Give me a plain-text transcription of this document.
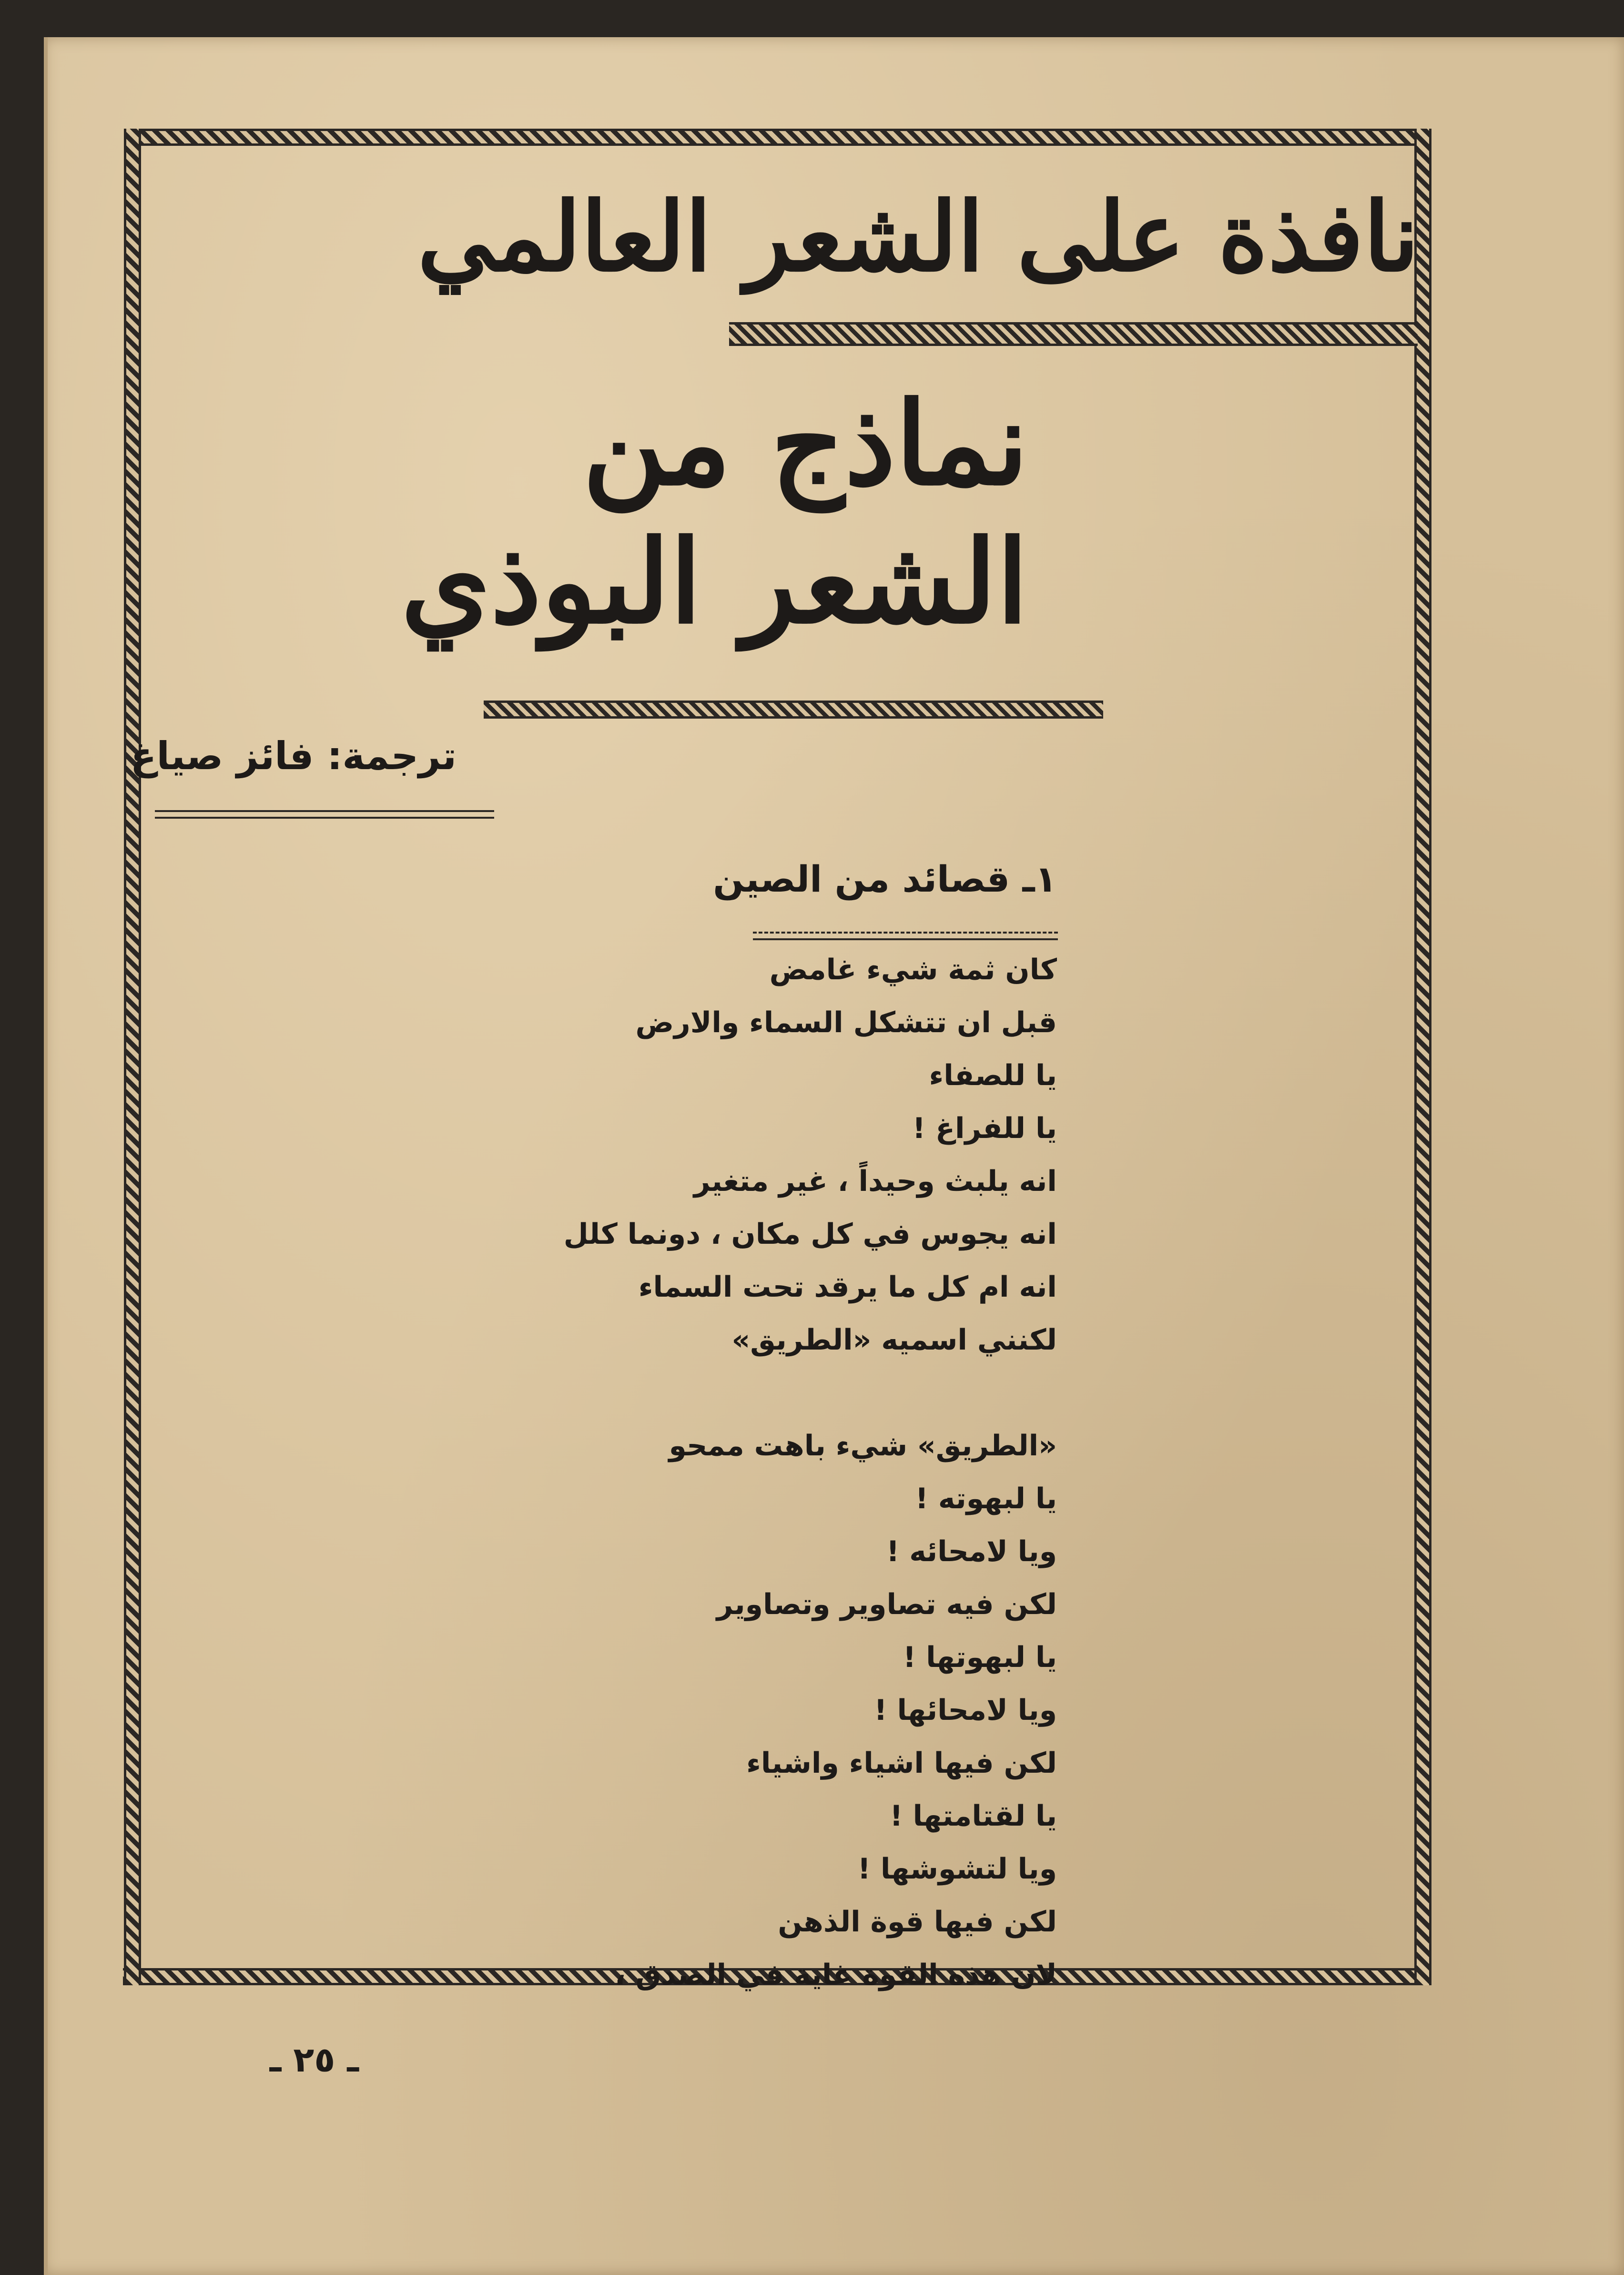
نافذة على الشعر العالمي
نماذج من
الشعر البوذي
ترجمة: فائز صياغ
١ـ قصائد من الصين
كان ثمة شيء غامض
قبل ان تتشكل السماء والارض
يا للصفاء
يا للفراغ !
انه يلبث وحيداً ، غير متغير
انه يجوس في كل مكان ، دونما كلل
انه ام كل ما يرقد تحت السماء
لكنني اسميه «الطريق»
«الطريق» شيء باهت ممحو
يا لبهوته !
ويا لامحائه !
لكن فيه تصاوير وتصاوير
يا لبهوتها !
ويا لامحائها !
لكن فيها اشياء واشياء
يا لقتامتها !
ويا لتشوشها !
لكن فيها قوة الذهن
لان هذه القوة غاية في الصدق ،
ـ ٢٥ ـ
